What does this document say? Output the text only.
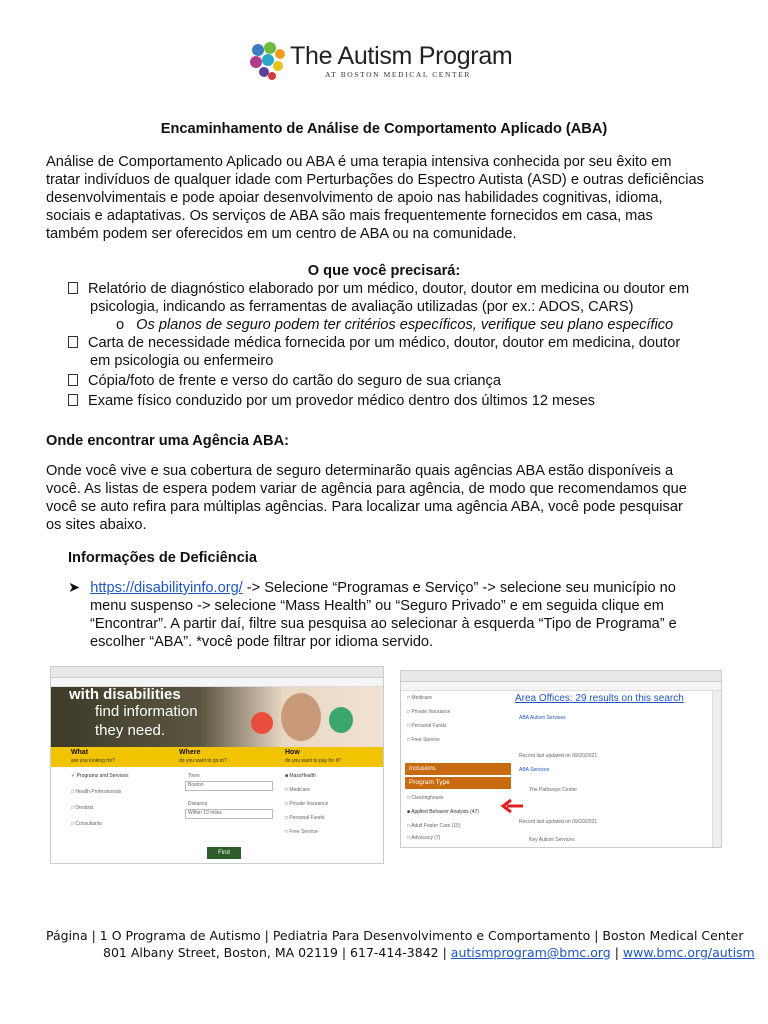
The Autism Program
AT BOSTON MEDICAL CENTER
Encaminhamento de Análise de Comportamento Aplicado (ABA)
Análise de Comportamento Aplicado ou ABA é uma terapia intensiva conhecida por seu êxito em
tratar indivíduos de qualquer idade com Perturbações do Espectro Autista (ASD) e outras deficiências
desenvolvimentais e pode apoiar desenvolvimento de apoio nas habilidades cognitivas, idioma,
sociais e adaptativas. Os serviços de ABA são mais frequentemente fornecidos em casa, mas
também podem ser oferecidos em um centro de ABA ou na comunidade.
O que você precisará:
Relatório de diagnóstico elaborado por um médico, doutor, doutor em medicina ou doutor em
psicologia, indicando as ferramentas de avaliação utilizadas (por ex.: ADOS, CARS)
o Os planos de seguro podem ter critérios específicos, verifique seu plano específico
Carta de necessidade médica fornecida por um médico, doutor, doutor em medicina, doutor
em psicologia ou enfermeiro
Cópia/foto de frente e verso do cartão do seguro de sua criança
Exame físico conduzido por um provedor médico dentro dos últimos 12 meses
Onde encontrar uma Agência ABA:
Onde você vive e sua cobertura de seguro determinarão quais agências ABA estão disponíveis a
você. As listas de espera podem variar de agência para agência, de modo que recomendamos que
você se auto refira para múltiplas agências. Para localizar uma agência ABA, você pode pesquisar
os sites abaixo.
Informações de Deficiência
➤ https://disabilityinfo.org/ -> Selecione “Programas e Serviço” -> selecione seu município no
menu suspenso -> selecione “Mass Health” ou “Seguro Privado” e em seguida clique em
“Encontrar”. A partir daí, filtre sua pesquisa ao selecionar à esquerda “Tipo de Programa” e
escolher “ABA”. *você pode filtrar por idioma servido.
with disabilities
find information
they need.
What
are you looking for?
Where
do you want to go to?
How
do you want to pay for it?
✓ Programs and Services
□ Health Professionals
□ Dentists
□ Consultants
Town
Boston
Distance
Within 10 miles
■ MassHealth
□ Medicare
□ Private Insurance
□ Personal Funds
□ Free Service
Find
□ Medicare
□ Private Insurance
□ Personal Funds
□ Free Service
Inclusions
Program Type
□ Clearinghouse
■ Applied Behavior Analysis (47)
□ Adult Foster Care (15)
□ Advocacy (7)
Area Offices: 29 results on this search
ABA Autism Services
Record last updated on 09/20/2021
ABA Services
The Pathways Center
Record last updated on 09/20/2021
Key Autism Services
Página | 1 O Programa de Autismo | Pediatria Para Desenvolvimento e Comportamento | Boston Medical Center
801 Albany Street, Boston, MA 02119 | 617-414-3842 | autismprogram@bmc.org | www.bmc.org/autism
